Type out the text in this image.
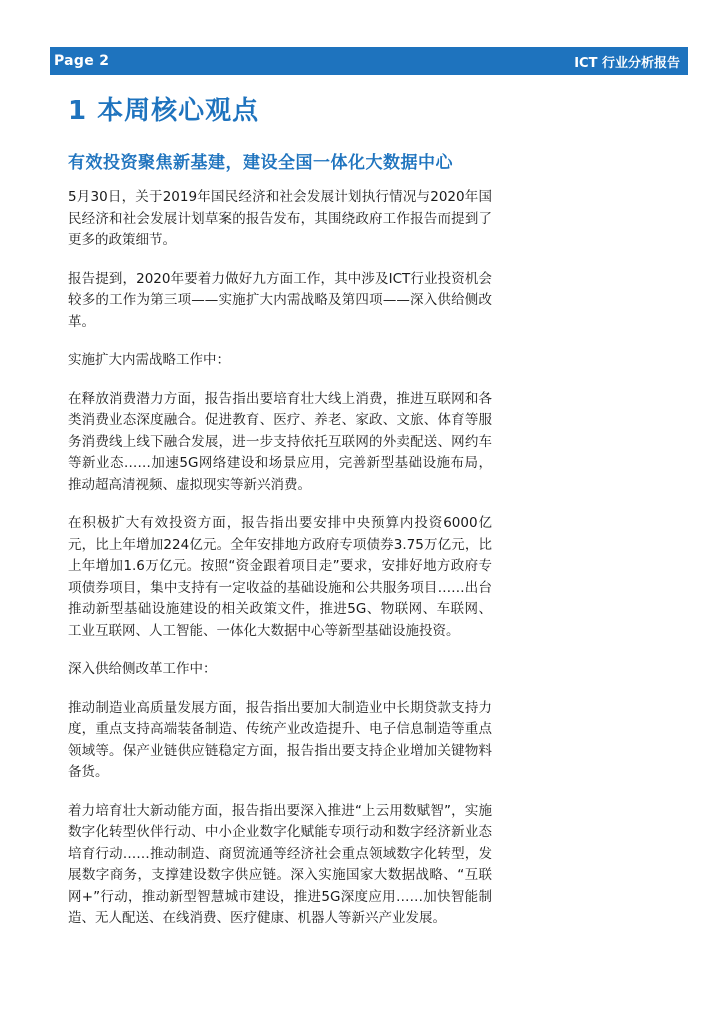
Page 2	ICT 行业分析报告
1 本周核心观点
有效投资聚焦新基建，建设全国一体化大数据中心

5月30日，关于2019年国民经济和社会发展计划执行情况与2020年国民经济和社会发展计划草案的报告发布，其围绕政府工作报告而提到了更多的政策细节。

报告提到，2020年要着力做好九方面工作，其中涉及ICT行业投资机会较多的工作为第三项——实施扩大内需战略及第四项——深入供给侧改革。

实施扩大内需战略工作中：

在释放消费潜力方面，报告指出要培育壮大线上消费，推进互联网和各类消费业态深度融合。促进教育、医疗、养老、家政、文旅、体育等服务消费线上线下融合发展，进一步支持依托互联网的外卖配送、网约车等新业态……加速5G网络建设和场景应用，完善新型基础设施布局，推动超高清视频、虚拟现实等新兴消费。

在积极扩大有效投资方面，报告指出要安排中央预算内投资6000亿元，比上年增加224亿元。全年安排地方政府专项债券3.75万亿元，比上年增加1.6万亿元。按照“资金跟着项目走”要求，安排好地方政府专项债券项目，集中支持有一定收益的基础设施和公共服务项目……出台推动新型基础设施建设的相关政策文件，推进5G、物联网、车联网、工业互联网、人工智能、一体化大数据中心等新型基础设施投资。

深入供给侧改革工作中：

推动制造业高质量发展方面，报告指出要加大制造业中长期贷款支持力度，重点支持高端装备制造、传统产业改造提升、电子信息制造等重点领域等。保产业链供应链稳定方面，报告指出要支持企业增加关键物料备货。

着力培育壮大新动能方面，报告指出要深入推进“上云用数赋智”，实施数字化转型伙伴行动、中小企业数字化赋能专项行动和数字经济新业态培育行动……推动制造、商贸流通等经济社会重点领域数字化转型，发展数字商务，支撑建设数字供应链。深入实施国家大数据战略、“互联网+”行动，推动新型智慧城市建设，推进5G深度应用……加快智能制造、无人配送、在线消费、医疗健康、机器人等新兴产业发展。
